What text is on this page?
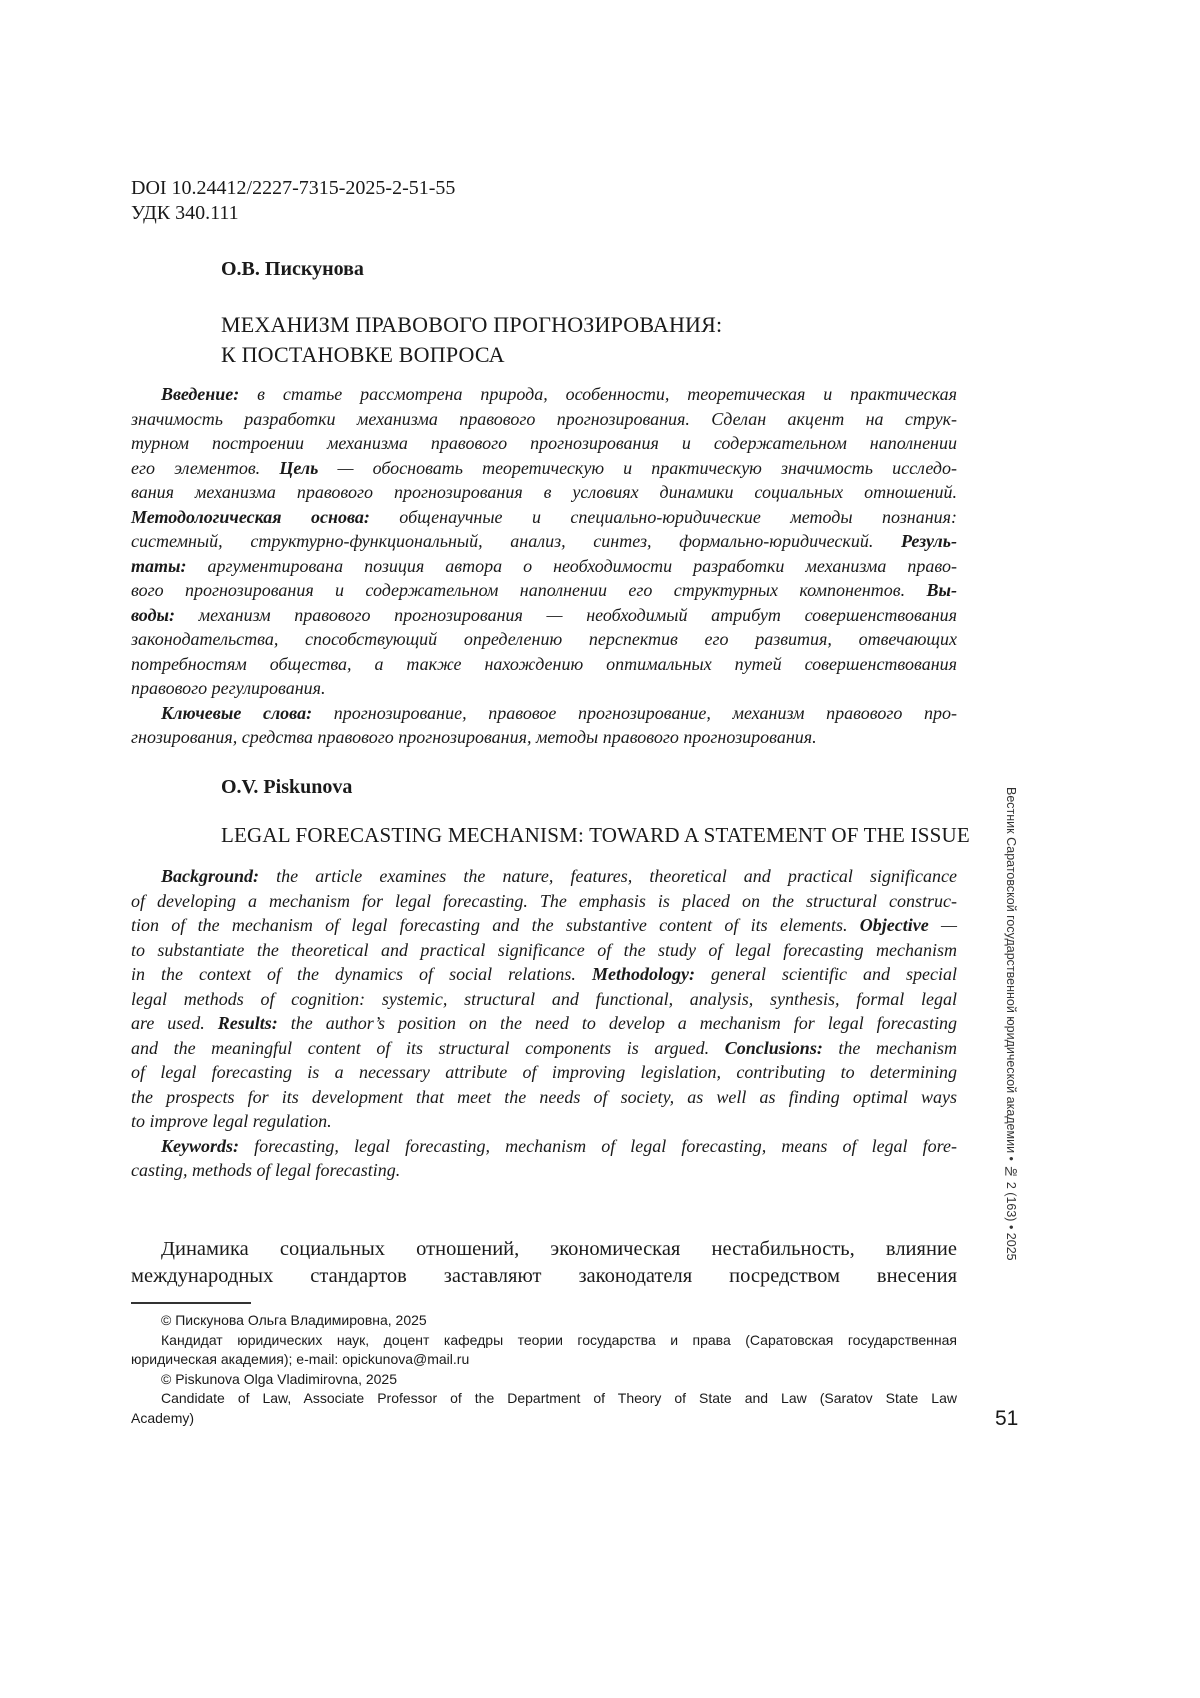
DOI 10.24412/2227-7315-2025-2-51-55
УДК 340.111
О.В. Пискунова
МЕХАНИЗМ ПРАВОВОГО ПРОГНОЗИРОВАНИЯ:
К ПОСТАНОВКЕ ВОПРОСА
Введение: в статье рассмотрена природа, особенности, теоретическая и практическая
значимость разработки механизма правового прогнозирования. Сделан акцент на струк-
турном построении механизма правового прогнозирования и содержательном наполнении
его элементов. Цель — обосновать теоретическую и практическую значимость исследо-
вания механизма правового прогнозирования в условиях динамики социальных отношений.
Методологическая основа: общенаучные и специально-юридические методы познания:
системный, структурно-функциональный, анализ, синтез, формально-юридический. Резуль-
таты: аргументирована позиция автора о необходимости разработки механизма право-
вого прогнозирования и содержательном наполнении его структурных компонентов. Вы-
воды: механизм правового прогнозирования — необходимый атрибут совершенствования
законодательства, способствующий определению перспектив его развития, отвечающих
потребностям общества, а также нахождению оптимальных путей совершенствования
правового регулирования.
Ключевые слова: прогнозирование, правовое прогнозирование, механизм правового про-
гнозирования, средства правового прогнозирования, методы правового прогнозирования.
O.V. Piskunova
LEGAL FORECASTING MECHANISM: TOWARD A STATEMENT OF THE ISSUE
Background: the article examines the nature, features, theoretical and practical significance
of developing a mechanism for legal forecasting. The emphasis is placed on the structural construc-
tion of the mechanism of legal forecasting and the substantive content of its elements. Objective —
to substantiate the theoretical and practical significance of the study of legal forecasting mechanism
in the context of the dynamics of social relations. Methodology: general scientific and special
legal methods of cognition: systemic, structural and functional, analysis, synthesis, formal legal
are used. Results: the author’s position on the need to develop a mechanism for legal forecasting
and the meaningful content of its structural components is argued. Conclusions: the mechanism
of legal forecasting is a necessary attribute of improving legislation, contributing to determining
the prospects for its development that meet the needs of society, as well as finding optimal ways
to improve legal regulation.
Keywords: forecasting, legal forecasting, mechanism of legal forecasting, means of legal fore-
casting, methods of legal forecasting.
Динамика социальных отношений, экономическая нестабильность, влияние
международных стандартов заставляют законодателя посредством внесения
© Пискунова Ольга Владимировна, 2025
Кандидат юридических наук, доцент кафедры теории государства и права (Саратовская государственная
юридическая академия); e-mail: opickunova@mail.ru
© Piskunova Olga Vladimirovna, 2025
Candidate of Law, Associate Professor of the Department of Theory of State and Law (Saratov State Law
Academy)
Вестник Саратовской государственной юридической академии • № 2 (163) • 2025
51
